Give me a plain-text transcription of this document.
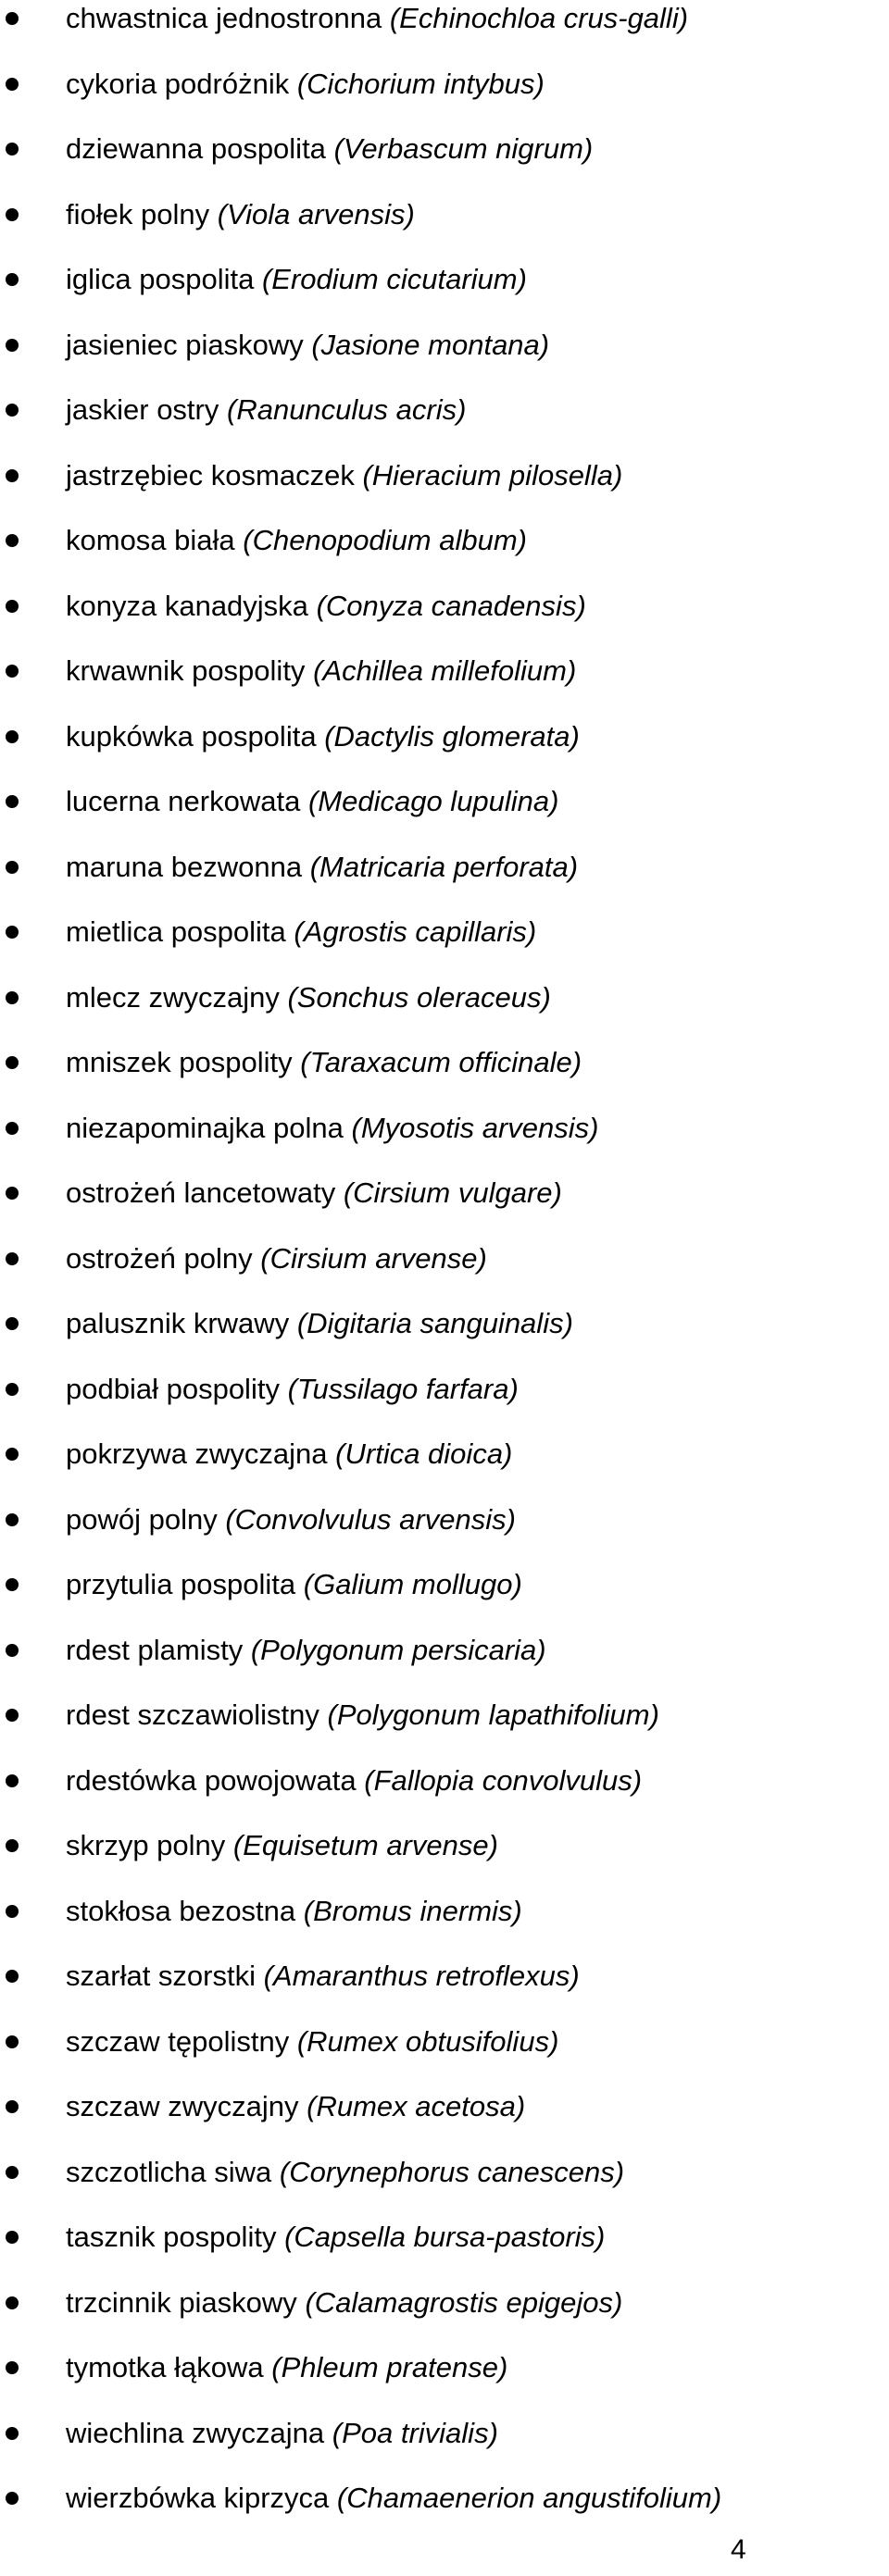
chwastnica jednostronna (Echinochloa crus-galli)
cykoria podróżnik (Cichorium intybus)
dziewanna pospolita (Verbascum nigrum)
fiołek polny (Viola arvensis)
iglica pospolita (Erodium cicutarium)
jasieniec piaskowy (Jasione montana)
jaskier ostry (Ranunculus acris)
jastrzębiec kosmaczek (Hieracium pilosella)
komosa biała (Chenopodium album)
konyza kanadyjska (Conyza canadensis)
krwawnik pospolity (Achillea millefolium)
kupkówka pospolita (Dactylis glomerata)
lucerna nerkowata (Medicago lupulina)
maruna bezwonna (Matricaria perforata)
mietlica pospolita (Agrostis capillaris)
mlecz zwyczajny (Sonchus oleraceus)
mniszek pospolity (Taraxacum officinale)
niezapominajka polna (Myosotis arvensis)
ostrożeń lancetowaty (Cirsium vulgare)
ostrożeń polny (Cirsium arvense)
palusznik krwawy (Digitaria sanguinalis)
podbiał pospolity (Tussilago farfara)
pokrzywa zwyczajna (Urtica dioica)
powój polny (Convolvulus arvensis)
przytulia pospolita (Galium mollugo)
rdest plamisty (Polygonum persicaria)
rdest szczawiolistny (Polygonum lapathifolium)
rdestówka powojowata (Fallopia convolvulus)
skrzyp polny (Equisetum arvense)
stokłosa bezostna (Bromus inermis)
szarłat szorstki (Amaranthus retroflexus)
szczaw tępolistny (Rumex obtusifolius)
szczaw zwyczajny (Rumex acetosa)
szczotlicha siwa (Corynephorus canescens)
tasznik pospolity (Capsella bursa-pastoris)
trzcinnik piaskowy (Calamagrostis epigejos)
tymotka łąkowa (Phleum pratense)
wiechlina zwyczajna (Poa trivialis)
wierzbówka kiprzyca (Chamaenerion angustifolium)
4
